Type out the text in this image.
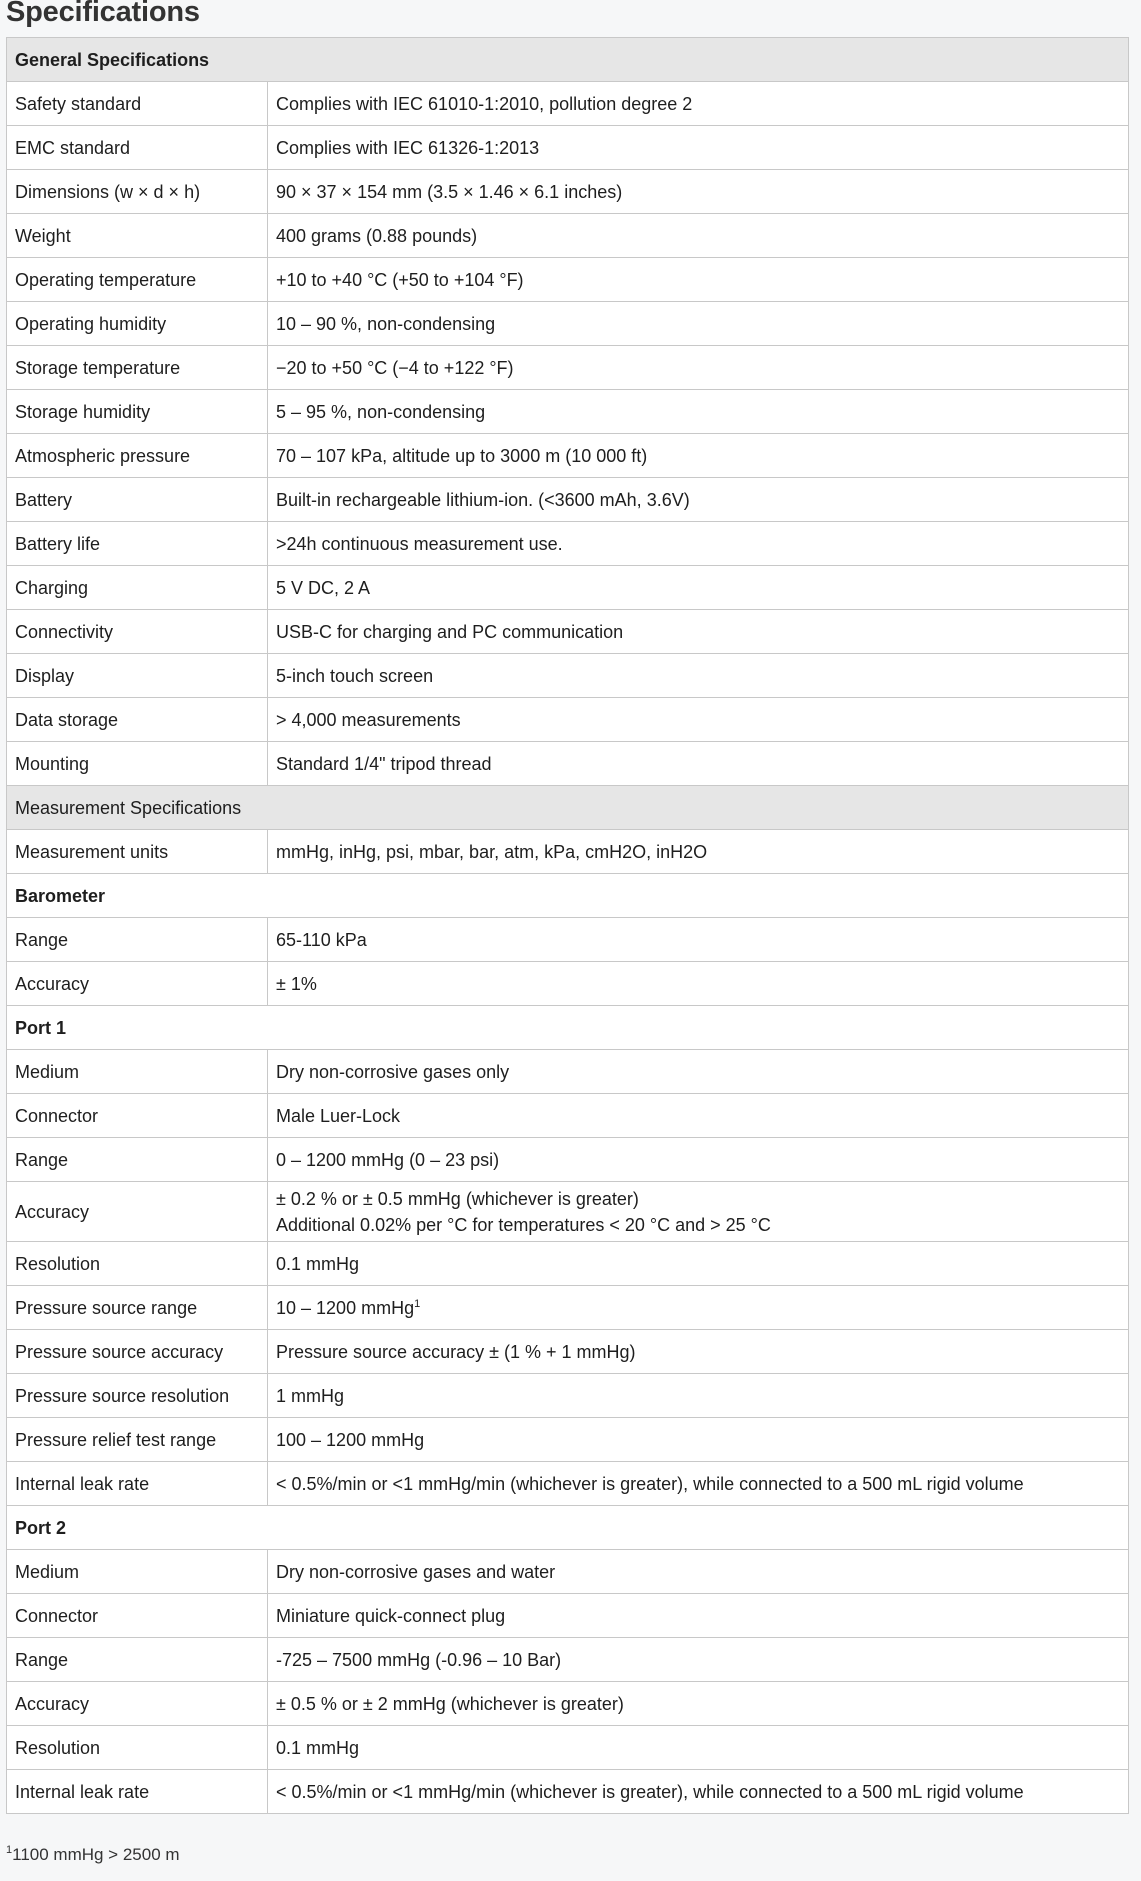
Specifications
General Specifications	
Safety standard	Complies with IEC 61010-1:2010, pollution degree 2
EMC standard	Complies with IEC 61326-1:2013
Dimensions (w × d × h)	90 × 37 × 154 mm (3.5 × 1.46 × 6.1 inches)
Weight	400 grams (0.88 pounds)
Operating temperature	+10 to +40 °C (+50 to +104 °F)
Operating humidity	10 – 90 %, non-condensing
Storage temperature	−20 to +50 °C (−4 to +122 °F)
Storage humidity	5 – 95 %, non-condensing
Atmospheric pressure	70 – 107 kPa, altitude up to 3000 m (10 000 ft)
Battery	Built-in rechargeable lithium-ion. (<3600 mAh, 3.6V)
Battery life	>24h continuous measurement use.
Charging	5 V DC, 2 A
Connectivity	USB-C for charging and PC communication
Display	5-inch touch screen
Data storage	> 4,000 measurements
Mounting	Standard 1/4" tripod thread
Measurement Specifications	
Measurement units	mmHg, inHg, psi, mbar, bar, atm, kPa, cmH2O, inH2O
Barometer	
Range	65-110 kPa
Accuracy	± 1%
Port 1	
Medium	Dry non-corrosive gases only
Connector	Male Luer-Lock
Range	0 – 1200 mmHg (0 – 23 psi)
Accuracy	± 0.2 % or ± 0.5 mmHg (whichever is greater)
Additional 0.02% per °C for temperatures < 20 °C and > 25 °C
Resolution	0.1 mmHg
Pressure source range	10 – 1200 mmHg$^1$
Pressure source accuracy	Pressure source accuracy ± (1 % + 1 mmHg)
Pressure source resolution	1 mmHg
Pressure relief test range	100 – 1200 mmHg
Internal leak rate	< 0.5%/min or <1 mmHg/min (whichever is greater), while connected to a 500 mL rigid volume
Port 2	
Medium	Dry non-corrosive gases and water
Connector	Miniature quick-connect plug
Range	-725 – 7500 mmHg (-0.96 – 10 Bar)
Accuracy	± 0.5 % or ± 2 mmHg (whichever is greater)
Resolution	0.1 mmHg
Internal leak rate	< 0.5%/min or <1 mmHg/min (whichever is greater), while connected to a 500 mL rigid volume
$^1$1100 mmHg > 2500 m
